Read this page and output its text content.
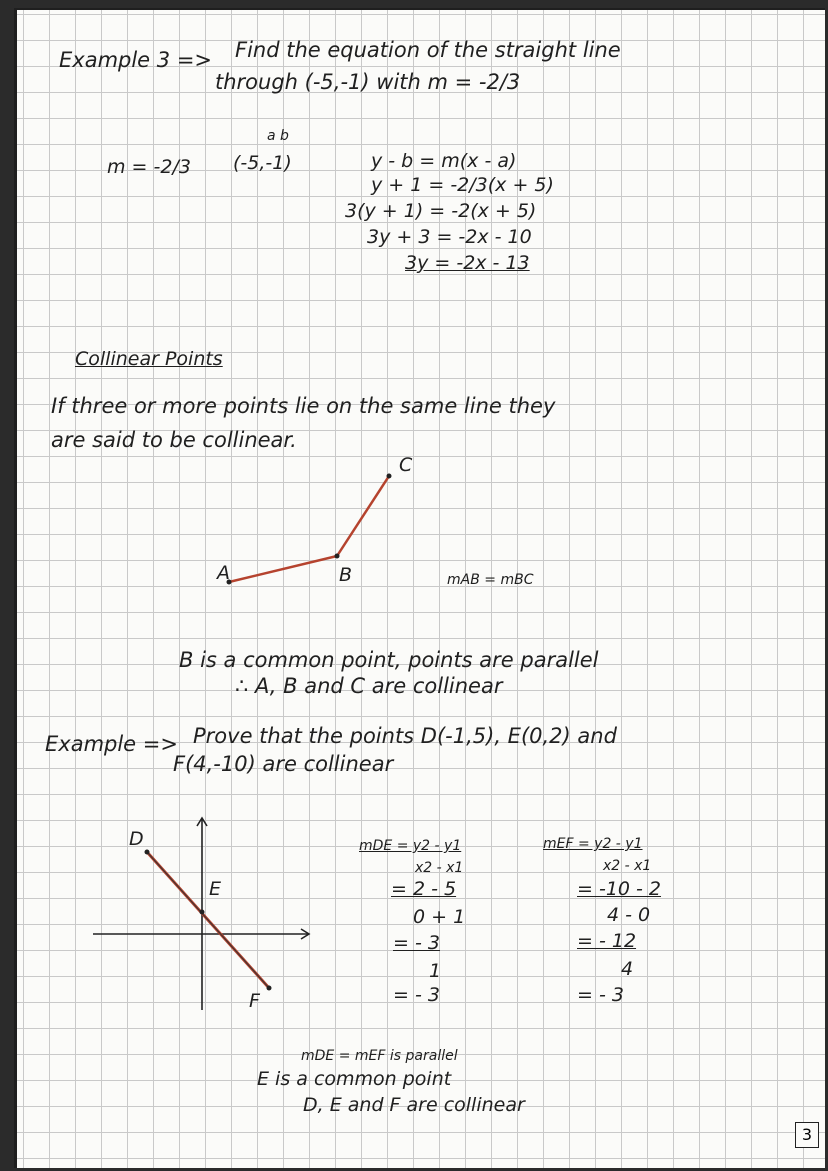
Example 3 => Find the equation of the straight line
through (-5,-1) with m = -2/3
m = -2/3
a b
(-5,-1)	y - b = m(x - a)
y + 1 = -2/3(x + 5)
3(y + 1) = -2(x + 5)
3y + 3 = -2x - 10
3y = -2x - 13
Collinear Points
If three or more points lie on the same line they
are said to be collinear.
A	B
C
mAB = mBC
B is a common point, points are parallel
∴ A, B and C are collinear
Example => Prove that the points D(-1,5), E(0,2) and
F(4,-10) are collinear
D
E
F
mDE = y2 - y1
x2 - x1
= 2 - 5
0 + 1
= - 3
1
= - 3
mEF = y2 - y1
x2 - x1
= -10 - 2
4 - 0
= - 12
4
= - 3
mDE = mEF is parallel
E is a common point
D, E and F are collinear
3
